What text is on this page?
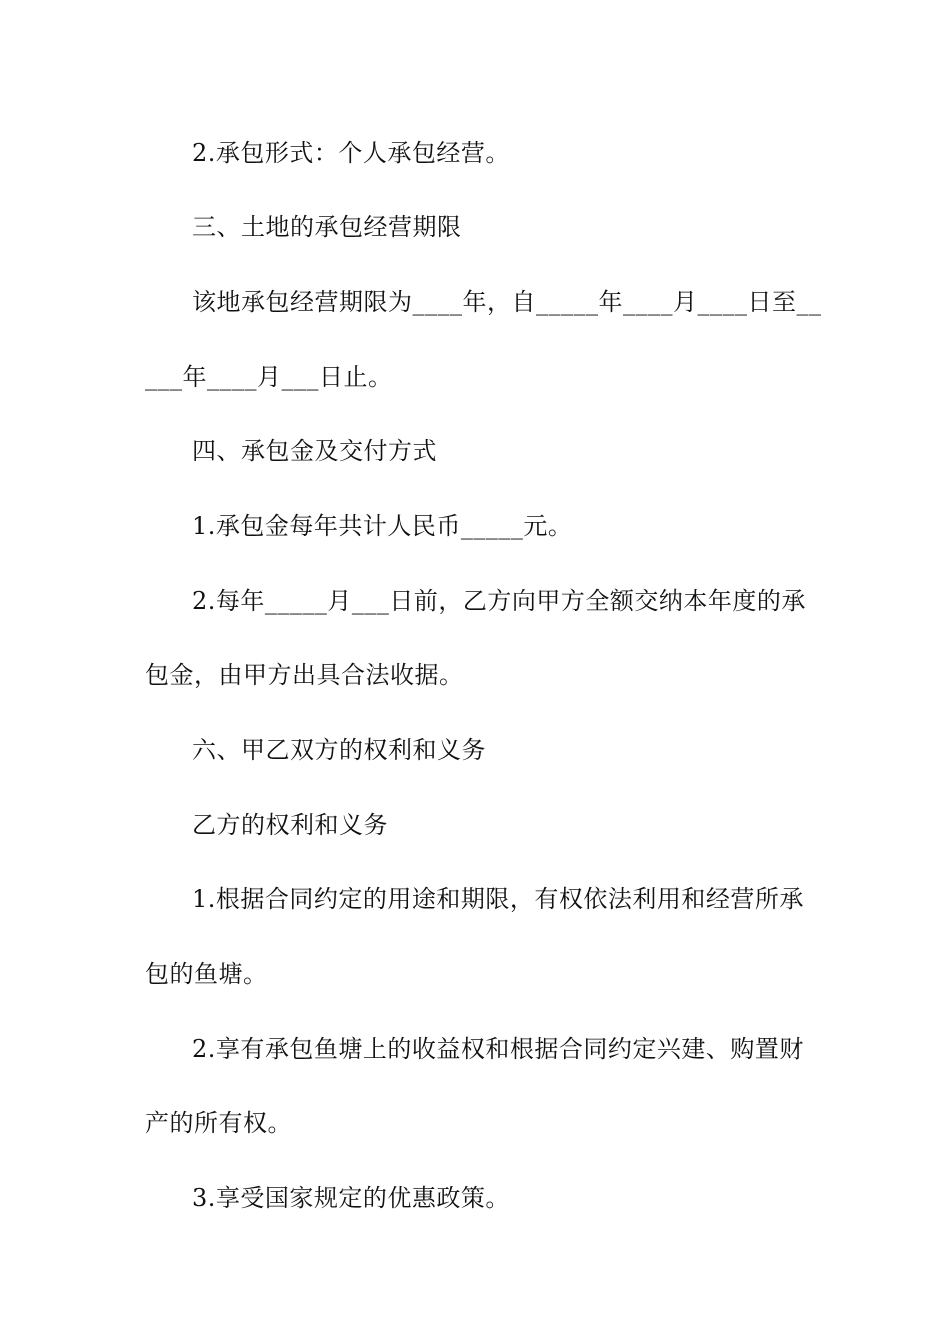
2.承包形式：个人承包经营。
三、土地的承包经营期限
该地承包经营期限为____年，自_____年____月____日至__
___年____月___日止。
四、承包金及交付方式
1.承包金每年共计人民币_____元。
2.每年_____月___日前，乙方向甲方全额交纳本年度的承
包金，由甲方出具合法收据。
六、甲乙双方的权利和义务
乙方的权利和义务
1.根据合同约定的用途和期限，有权依法利用和经营所承
包的鱼塘。
2.享有承包鱼塘上的收益权和根据合同约定兴建、购置财
产的所有权。
3.享受国家规定的优惠政策。
